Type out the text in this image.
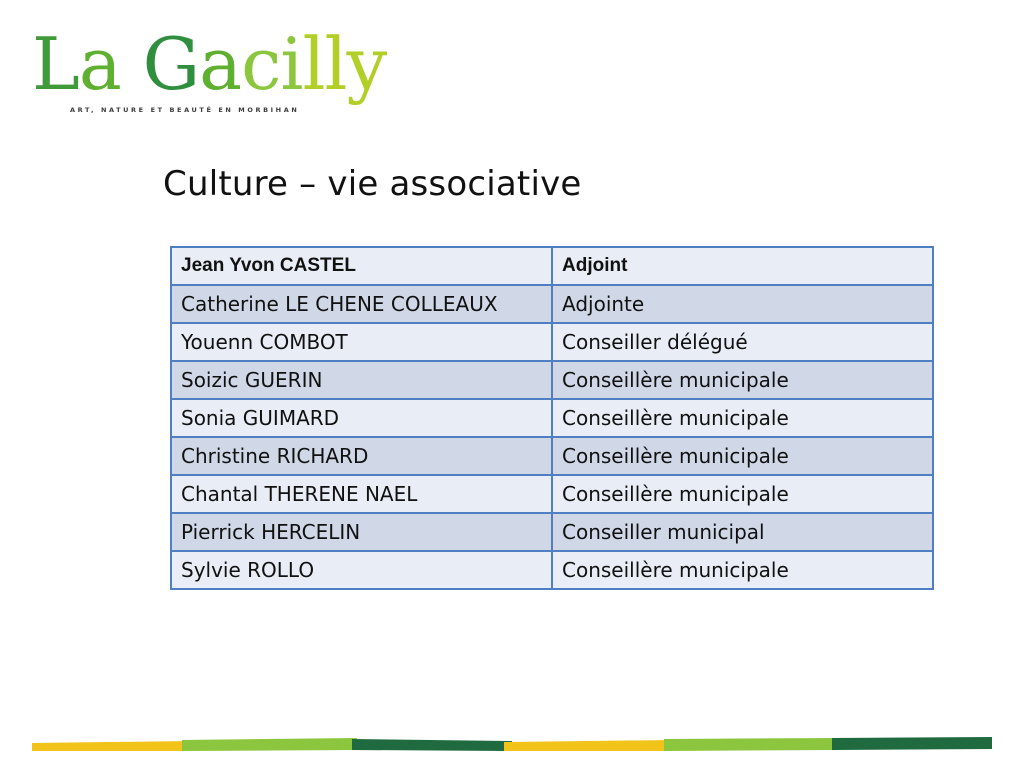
La Gacilly
ART, NATURE ET BEAUTÉ EN MORBIHAN
Culture – vie associative
Jean Yvon CASTEL	Adjoint
Catherine LE CHENE COLLEAUX	Adjointe
Youenn COMBOT	Conseiller délégué
Soizic GUERIN	Conseillère municipale
Sonia GUIMARD	Conseillère municipale
Christine RICHARD	Conseillère municipale
Chantal THERENE NAEL	Conseillère municipale
Pierrick HERCELIN	Conseiller municipal
Sylvie ROLLO	Conseillère municipale
